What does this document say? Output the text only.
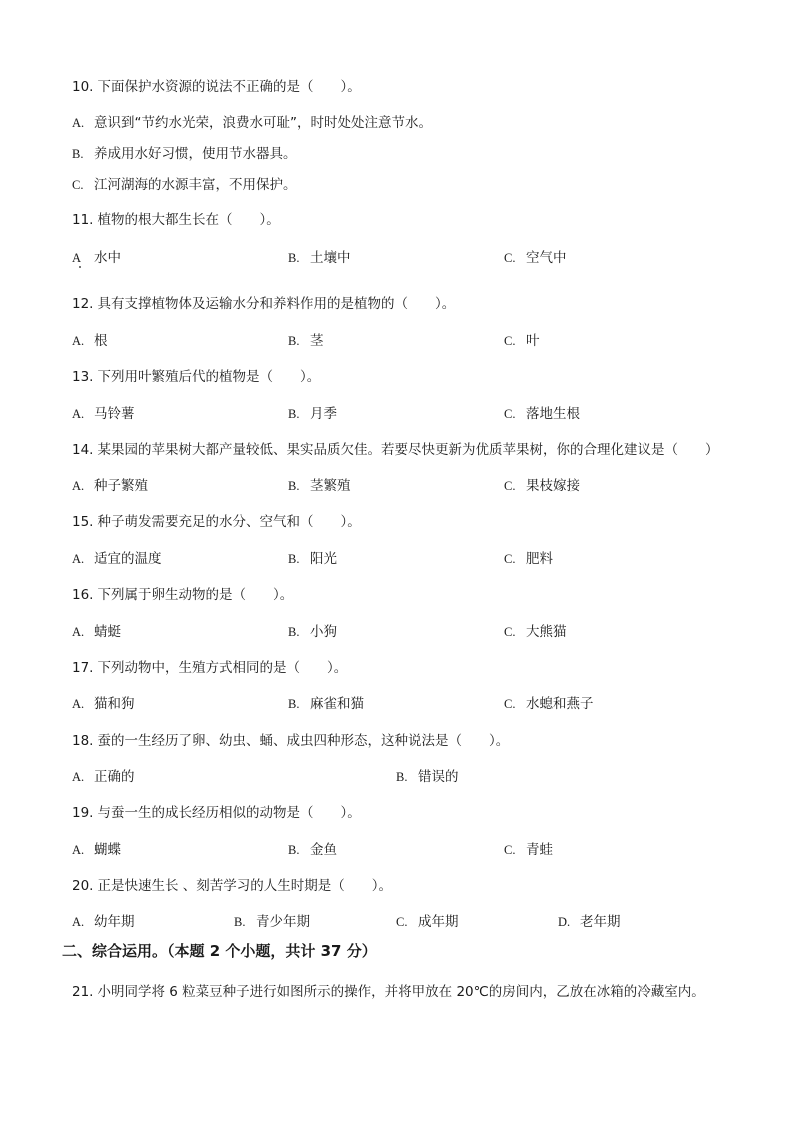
10. 下面保护水资源的说法不正确的是（　　）。
A. 意识到“节约水光荣，浪费水可耻”，时时处处注意节水。
B. 养成用水好习惯，使用节水器具。
C. 江河湖海的水源丰富，不用保护。
11. 植物的根大都生长在（　　）。
A 水中	B. 土壤中	C. 空气中
12. 具有支撑植物体及运输水分和养料作用的是植物的（　　）。
A. 根	B. 茎	C. 叶
13. 下列用叶繁殖后代的植物是（　　）。
A. 马铃薯	B. 月季	C. 落地生根
14. 某果园的苹果树大都产量较低、果实品质欠佳。若要尽快更新为优质苹果树，你的合理化建议是（　　）
A. 种子繁殖	B. 茎繁殖	C. 果枝嫁接
15. 种子萌发需要充足的水分、空气和（　　）。
A. 适宜的温度	B. 阳光	C. 肥料
16. 下列属于卵生动物的是（　　）。
A. 蜻蜓	B. 小狗	C. 大熊猫
17. 下列动物中，生殖方式相同的是（　　）。
A. 猫和狗	B. 麻雀和猫	C. 水螅和燕子
18. 蚕的一生经历了卵、幼虫、蛹、成虫四种形态，这种说法是（　　）。
A. 正确的	B. 错误的
19. 与蚕一生的成长经历相似的动物是（　　）。
A. 蝴蝶	B. 金鱼	C. 青蛙
20. 正是快速生长 、刻苦学习的人生时期是（　　）。
A. 幼年期	B. 青少年期	C. 成年期	D. 老年期
二、综合运用。（本题 2 个小题，共计 37 分）
21. 小明同学将 6 粒菜豆种子进行如图所示的操作，并将甲放在 20℃的房间内，乙放在冰箱的冷藏室内。
